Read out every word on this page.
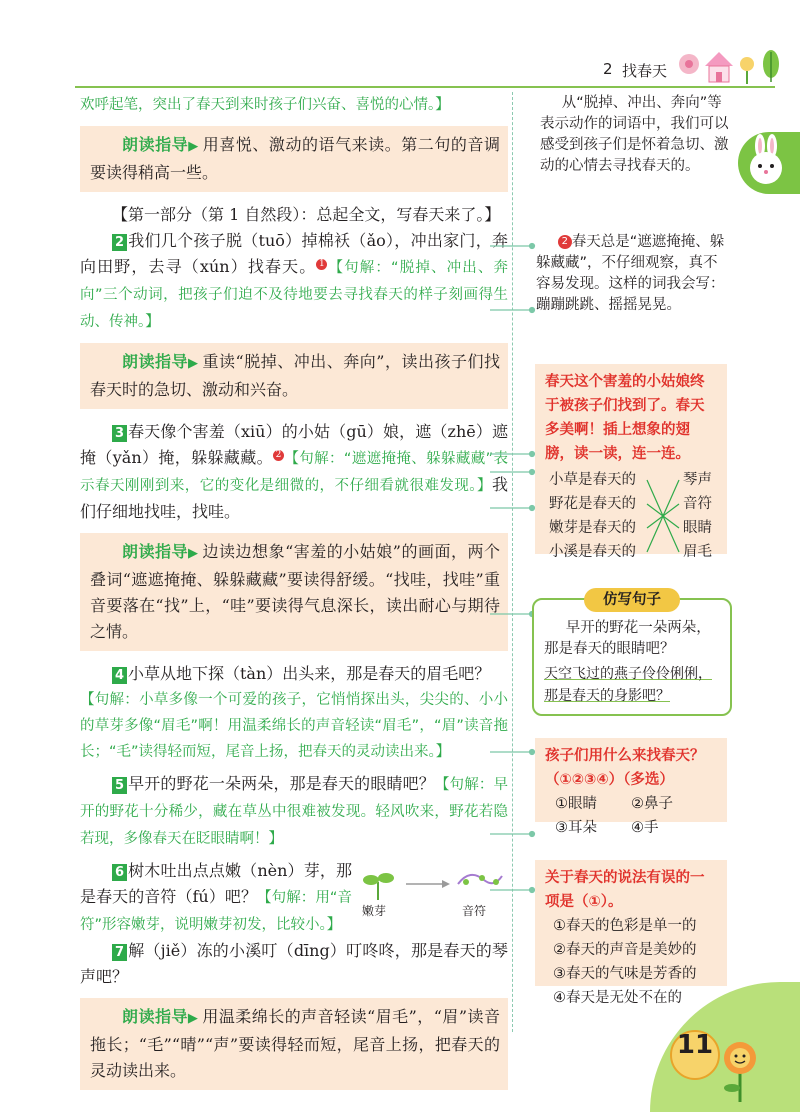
2 找春天

欢呼起笔，突出了春天到来时孩子们兴奋、喜悦的心情。】

朗读指导▶ 用喜悦、激动的语气来读。第二句的音调要读得稍高一些。

【第一部分（第 1 自然段）：总起全文，写春天来了。】

2 我们几个孩子脱（tuō）掉棉袄（ǎo），冲出家门，奔向田野，去寻（xún）找春天。 1 【句解：“脱掉、冲出、奔向”三个动词，把孩子们迫不及待地要去寻找春天的样子刻画得生动、传神。】

朗读指导▶ 重读“脱掉、冲出、奔向”，读出孩子们找春天时的急切、激动和兴奋。

3 春天像个害羞（xiū）的小姑（gū）娘，遮（zhē）遮掩（yǎn）掩，躲躲藏藏。 2 【句解：“遮遮掩掩、躲躲藏藏”表示春天刚刚到来，它的变化是细微的，不仔细看就很难发现。】我们仔细地找哇，找哇。

朗读指导▶ 边读边想象“害羞的小姑娘”的画面，两个叠词“遮遮掩掩、躲躲藏藏”要读得舒缓。“找哇，找哇”重音要落在“找”上，“哇”要读得气息深长，读出耐心与期待之情。

4 小草从地下探（tàn）出头来，那是春天的眉毛吧？

【句解：小草多像一个可爱的孩子，它悄悄探出头，尖尖的、小小的草芽多像“眉毛”啊！用温柔绵长的声音轻读“眉毛”，“眉”读音拖长；“毛”读得轻而短，尾音上扬，把春天的灵动读出来。】

5 早开的野花一朵两朵，那是春天的眼睛吧？【句解：早开的野花十分稀少，藏在草丛中很难被发现。轻风吹来，野花若隐若现，多像春天在眨眼睛啊！】

嫩芽	音符

6 树木吐出点点嫩（nèn）芽，那是春天的音符（fú）吧？【句解：用“音符”形容嫩芽，说明嫩芽初发，比较小。】

7 解（jiě）冻的小溪叮（dīng）叮咚咚，那是春天的琴声吧？

朗读指导▶ 用温柔绵长的声音轻读“眉毛”，“眉”读音拖长；“毛”“晴”“声”要读得轻而短，尾音上扬，把春天的灵动读出来。

从“脱掉、冲出、奔向”等表示动作的词语中，我们可以感受到孩子们是怀着急切、激动的心情去寻找春天的。

2 春天总是“遮遮掩掩、躲躲藏藏”，不仔细观察，真不容易发现。这样的词我会写：蹦蹦跳跳、摇摇晃晃。

春天这个害羞的小姑娘终于被孩子们找到了。春天多美啊！插上想象的翅膀，读一读，连一连。
小草是春天的
野花是春天的
嫩芽是春天的
小溪是春天的
琴声
音符
眼睛
眉毛
仿写句子
早开的野花一朵两朵，那是春天的眼睛吧？
天空飞过的燕子伶伶俐俐，那是春天的身影吧？
孩子们用什么来找春天？（①②③④）（多选）
①眼睛	②鼻子
③耳朵	④手
关于春天的说法有误的一项是（①）。
①春天的色彩是单一的
②春天的声音是美妙的
③春天的气味是芳香的
④春天是无处不在的
11
